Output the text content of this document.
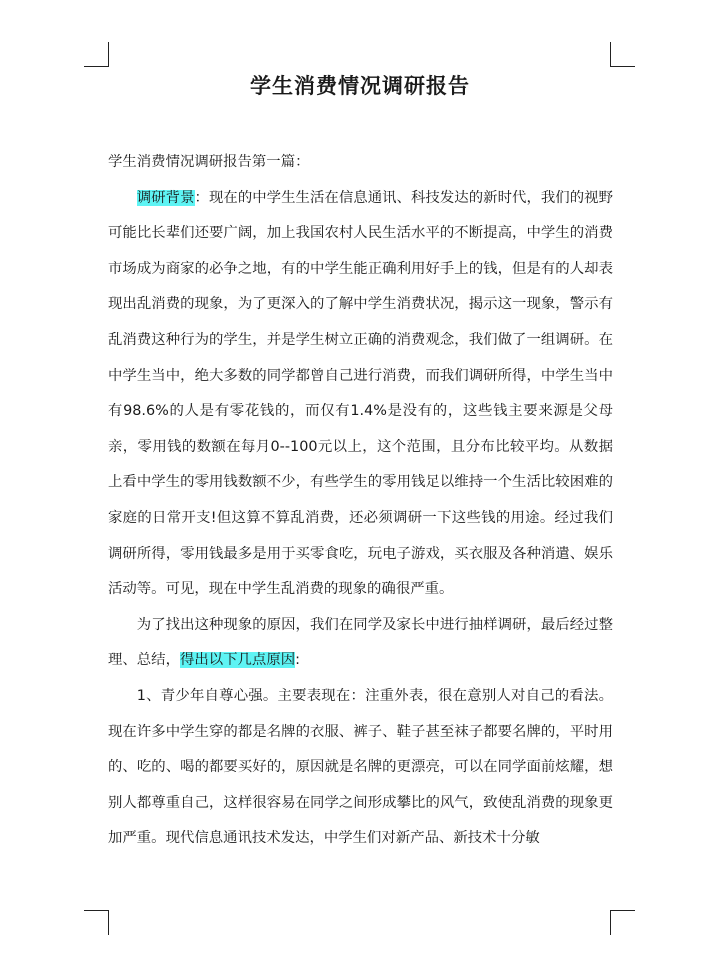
学生消费情况调研报告

学生消费情况调研报告第一篇：

调研背景：现在的中学生生活在信息通讯、科技发达的新时代，我们的视野可能比长辈们还要广阔，加上我国农村人民生活水平的不断提高，中学生的消费市场成为商家的必争之地，有的中学生能正确利用好手上的钱，但是有的人却表现出乱消费的现象，为了更深入的了解中学生消费状况，揭示这一现象，警示有乱消费这种行为的学生，并是学生树立正确的消费观念，我们做了一组调研。在中学生当中，绝大多数的同学都曾自己进行消费，而我们调研所得，中学生当中有98.6%的人是有零花钱的，而仅有1.4%是没有的，这些钱主要来源是父母亲，零用钱的数额在每月0--100元以上，这个范围，且分布比较平均。从数据上看中学生的零用钱数额不少，有些学生的零用钱足以维持一个生活比较困难的家庭的日常开支!但这算不算乱消费，还必须调研一下这些钱的用途。经过我们调研所得，零用钱最多是用于买零食吃，玩电子游戏，买衣服及各种消遣、娱乐活动等。可见，现在中学生乱消费的现象的确很严重。

为了找出这种现象的原因，我们在同学及家长中进行抽样调研，最后经过整理、总结，得出以下几点原因:

1、青少年自尊心强。主要表现在：注重外表，很在意别人对自己的看法。现在许多中学生穿的都是名牌的衣服、裤子、鞋子甚至袜子都要名牌的，平时用的、吃的、喝的都要买好的，原因就是名牌的更漂亮，可以在同学面前炫耀，想别人都尊重自己，这样很容易在同学之间形成攀比的风气，致使乱消费的现象更加严重。现代信息通讯技术发达，中学生们对新产品、新技术十分敏
